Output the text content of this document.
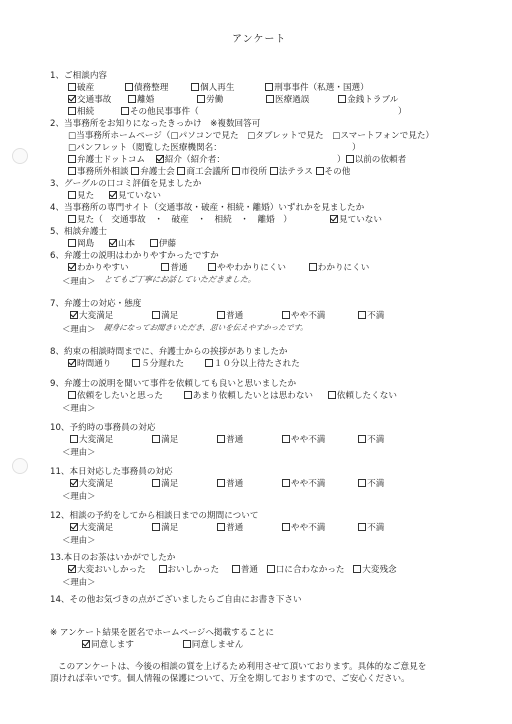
アンケート
1、ご相談内容
破産	債務整理	個人再生	刑事事件（私選・国選）
交通事故	離婚	労働	医療過誤	金銭トラブル
相続	その他民事事件（	）
2、当事務所をお知りになったきっかけ　※複数回答可
□当事務所ホームページ（□パソコンで見た　□タブレットで見た　□スマートフォンで見た）
□パンフレット（閲覧した医療機関名：	）
弁護士ドットコム 紹介（紹介者：	） 以前の依頼者
事務所外相談 弁護士会 商工会議所 市役所 法テラス その他
3、グーグルの口コミ評価を見ましたか
見た	見ていない
4、当事務所の専門サイト（交通事故・破産・相続・離婚）いずれかを見ましたか
見た（　交通事故　・　破産　・　相続　・　離婚　）	見ていない
5、相談弁護士
岡島	山本	伊藤
6、弁護士の説明はわかりやすかったですか
わかりやすい	普通	ややわかりにくい	わかりにくい
＜理由＞ とてもご丁寧にお話していただきました。
7、弁護士の対応・態度
大変満足	満足	普通	やや不満	不満
＜理由＞ 親身になってお聞きいただき、思いを伝えやすかったです。
8、約束の相談時間までに、弁護士からの挨拶がありましたか
時間通り	５分遅れた	１０分以上待たされた
9、弁護士の説明を聞いて事件を依頼しても良いと思いましたか
依頼をしたいと思った	あまり依頼したいとは思わない	依頼したくない
＜理由＞
10、予約時の事務員の対応
大変満足	満足	普通	やや不満	不満
＜理由＞
11、本日対応した事務員の対応
大変満足	満足	普通	やや不満	不満
＜理由＞
12、相談の予約をしてから相談日までの期間について
大変満足	満足	普通	やや不満	不満
＜理由＞
13.本日のお茶はいかがでしたか
大変おいしかった	おいしかった	普通 口に合わなかった 大変残念
＜理由＞
14、その他お気づきの点がございましたらご自由にお書き下さい
※ アンケート結果を匿名でホームページへ掲載することに
同意します	同意しません
このアンケートは、今後の相談の質を上げるため利用させて頂いております。具体的なご意見を
頂ければ幸いです。個人情報の保護について、万全を期しておりますので、ご安心ください。
